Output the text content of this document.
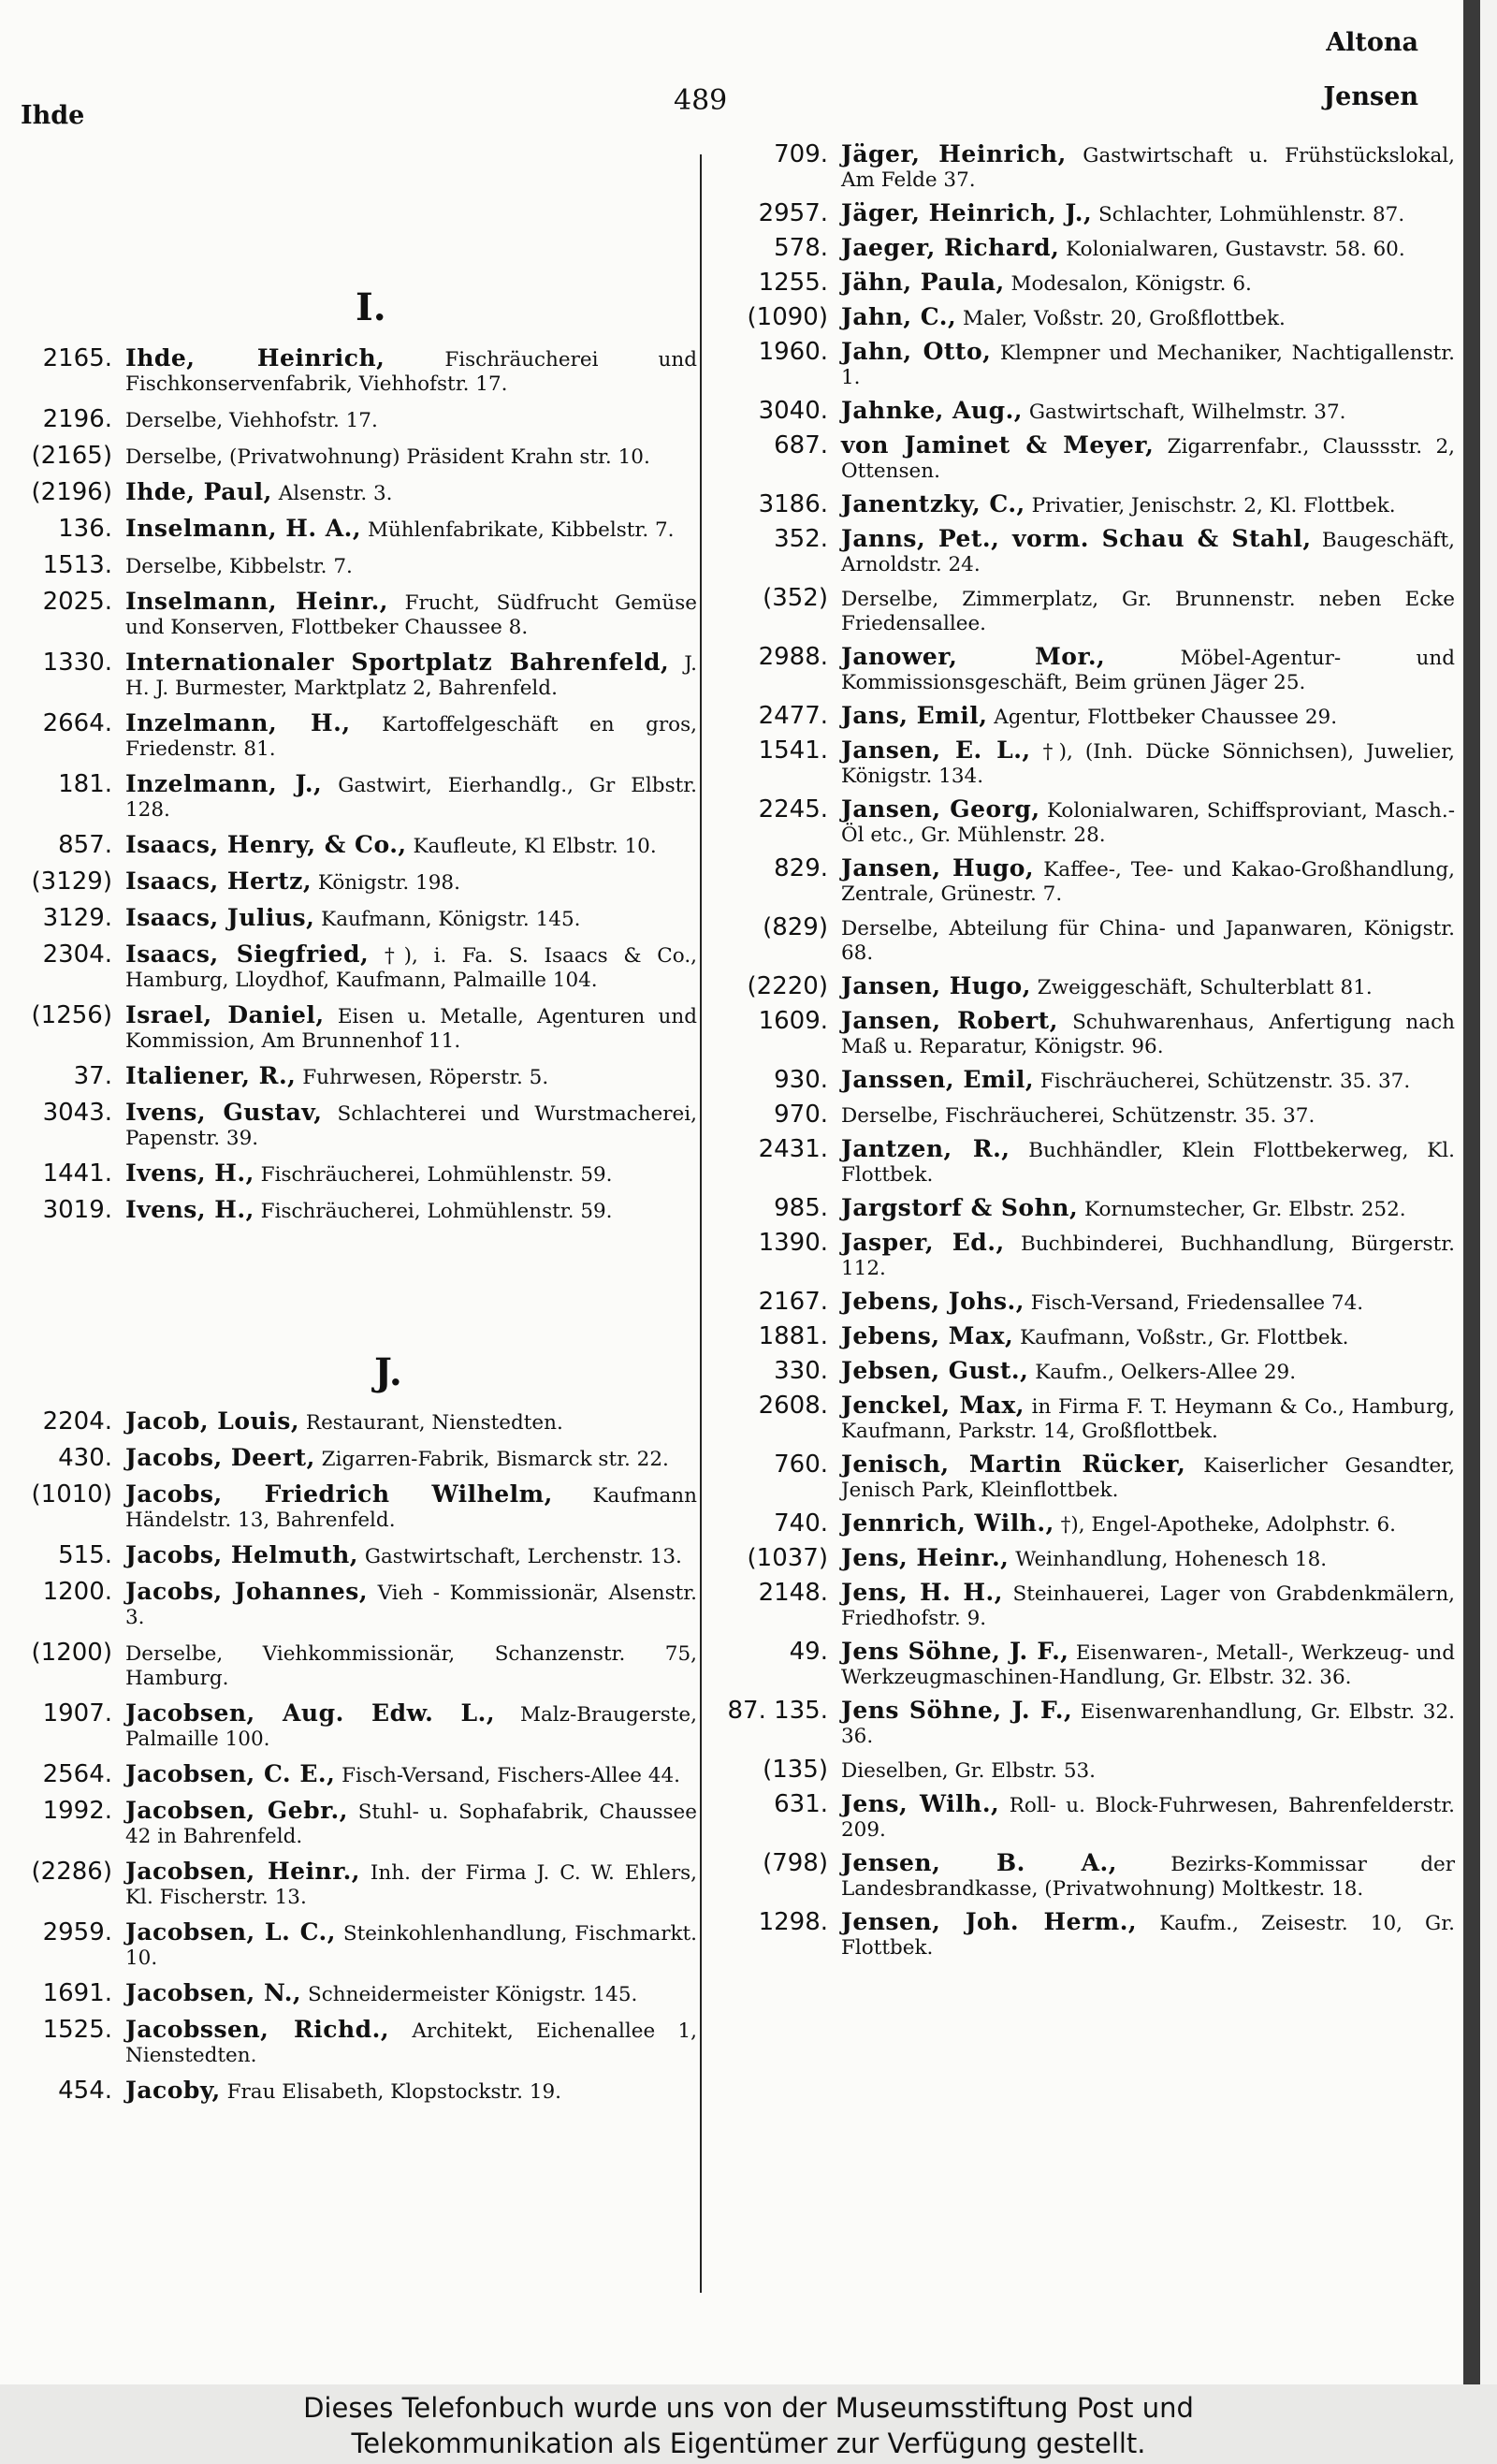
Ihde	489
Altona
Jensen
I.
2165. Ihde, Heinrich,	Fischräucherei und Fischkonservenfabrik, Viehhofstr. 17.
2196. Derselbe, Viehhofstr. 17.
(2165) Derselbe, (Privatwohnung) Präsident Krahn str. 10.
(2196) Ihde, Paul, Alsenstr. 3.
136. Inselmann, H. A., Mühlenfabrikate, Kibbelstr. 7.
1513. Derselbe, Kibbelstr. 7.
2025. Inselmann, Heinr., Frucht, Südfrucht Gemüse und Konserven, Flottbeker Chaussee 8.
1330. Internationaler Sportplatz Bahrenfeld, J. H. J. Burmester, Marktplatz 2, Bahrenfeld.
2664. Inzelmann, H., Kartoffelgeschäft en gros, Friedenstr. 81.
181. Inzelmann, J., Gastwirt, Eierhandlg., Gr Elbstr. 128.
857. Isaacs, Henry, & Co., Kaufleute, Kl Elbstr. 10.
(3129) Isaacs, Hertz, Königstr. 198.
3129. Isaacs, Julius, Kaufmann, Königstr. 145.
2304. Isaacs, Siegfried, †), i. Fa. S. Isaacs & Co., Hamburg, Lloydhof, Kaufmann, Palmaille 104.
(1256) Israel, Daniel, Eisen u. Metalle, Agenturen und Kommission, Am Brunnenhof 11.
37. Italiener, R., Fuhrwesen, Röperstr. 5.
3043. Ivens, Gustav, Schlachterei und Wurstmacherei, Papenstr. 39.
1441. Ivens, H., Fischräucherei, Lohmühlenstr. 59.
3019. Ivens, H., Fischräucherei, Lohmühlenstr. 59.
J.
2204. Jacob, Louis, Restaurant, Nienstedten.
430. Jacobs, Deert, Zigarren-Fabrik, Bismarck str. 22.
(1010) Jacobs, Friedrich Wilhelm, Kaufmann Händelstr. 13, Bahrenfeld.
515. Jacobs, Helmuth, Gastwirtschaft, Lerchenstr. 13.
1200. Jacobs, Johannes, Vieh - Kommissionär, Alsenstr. 3.
(1200) Derselbe, Viehkommissionär, Schanzenstr. 75, Hamburg.
1907. Jacobsen, Aug. Edw. L., Malz-Braugerste, Palmaille 100.
2564. Jacobsen, C. E., Fisch-Versand, Fischers-Allee 44.
1992. Jacobsen, Gebr., Stuhl- u. Sophafabrik, Chaussee 42 in Bahrenfeld.
(2286) Jacobsen, Heinr., Inh. der Firma J. C. W. Ehlers, Kl. Fischerstr. 13.
2959. Jacobsen, L. C., Steinkohlenhandlung, Fischmarkt. 10.
1691. Jacobsen, N., Schneidermeister Königstr. 145.
1525. Jacobssen, Richd., Architekt, Eichenallee 1, Nienstedten.
454. Jacoby, Frau Elisabeth, Klopstockstr. 19.
709. Jäger, Heinrich, Gastwirtschaft u. Frühstückslokal, Am Felde 37.
2957. Jäger, Heinrich, J., Schlachter, Lohmühlenstr. 87.
578. Jaeger, Richard, Kolonialwaren, Gustavstr. 58. 60.
1255. Jähn, Paula, Modesalon, Königstr. 6.
(1090) Jahn, C., Maler, Voßstr. 20, Großflottbek.
1960. Jahn, Otto, Klempner und Mechaniker, Nachtigallenstr. 1.
3040. Jahnke, Aug., Gastwirtschaft, Wilhelmstr. 37.
687. von Jaminet & Meyer, Zigarrenfabr., Claussstr. 2, Ottensen.
3186. Janentzky, C., Privatier, Jenischstr. 2, Kl. Flottbek.
352. Janns, Pet., vorm. Schau & Stahl, Baugeschäft, Arnoldstr. 24.
(352) Derselbe, Zimmerplatz, Gr. Brunnenstr. neben Ecke Friedensallee.
2988. Janower, Mor.,	Möbel-Agentur- und Kommissionsgeschäft, Beim grünen Jäger 25.
2477. Jans, Emil, Agentur, Flottbeker Chaussee 29.
1541. Jansen, E. L., †), (Inh. Dücke Sönnichsen), Juwelier, Königstr. 134.
2245. Jansen, Georg, Kolonialwaren, Schiffsproviant, Masch.-Öl etc., Gr. Mühlenstr. 28.
829. Jansen, Hugo, Kaffee-, Tee- und Kakao-Großhandlung, Zentrale, Grünestr. 7.
(829) Derselbe, Abteilung für China- und Japanwaren, Königstr. 68.
(2220) Jansen, Hugo, Zweiggeschäft, Schulterblatt 81.
1609. Jansen, Robert, Schuhwarenhaus, Anfertigung nach Maß u. Reparatur, Königstr. 96.
930. Janssen, Emil, Fischräucherei, Schützenstr. 35. 37.
970. Derselbe, Fischräucherei, Schützenstr. 35. 37.
2431. Jantzen, R., Buchhändler, Klein Flottbekerweg, Kl. Flottbek.
985. Jargstorf & Sohn, Kornumstecher, Gr. Elbstr. 252.
1390. Jasper, Ed., Buchbinderei, Buchhandlung, Bürgerstr. 112.
2167. Jebens, Johs., Fisch-Versand, Friedensallee 74.
1881. Jebens, Max, Kaufmann, Voßstr., Gr. Flottbek.
330. Jebsen, Gust., Kaufm., Oelkers-Allee 29.
2608. Jenckel, Max, in Firma F. T. Heymann & Co., Hamburg, Kaufmann, Parkstr. 14, Großflottbek.
760. Jenisch, Martin Rücker, Kaiserlicher Gesandter, Jenisch Park, Kleinflottbek.
740. Jennrich, Wilh., †), Engel-Apotheke, Adolphstr. 6.
(1037) Jens, Heinr., Weinhandlung, Hohenesch 18.
2148. Jens, H. H., Steinhauerei, Lager von Grabdenkmälern, Friedhofstr. 9.
49. Jens Söhne, J. F., Eisenwaren-, Metall-, Werkzeug- und Werkzeugmaschinen-Handlung, Gr. Elbstr. 32. 36.
87. 135. Jens Söhne, J. F., Eisenwarenhandlung, Gr. Elbstr. 32. 36.
(135) Dieselben, Gr. Elbstr. 53.
631. Jens, Wilh., Roll- u. Block-Fuhrwesen, Bahrenfelderstr. 209.
(798) Jensen, B. A.,	Bezirks-Kommissar der Landesbrandkasse, (Privatwohnung) Moltkestr. 18.
1298. Jensen, Joh. Herm., Kaufm., Zeisestr. 10, Gr. Flottbek.
Dieses Telefonbuch wurde uns von der Museumsstiftung Post und
Telekommunikation als Eigentümer zur Verfügung gestellt.
